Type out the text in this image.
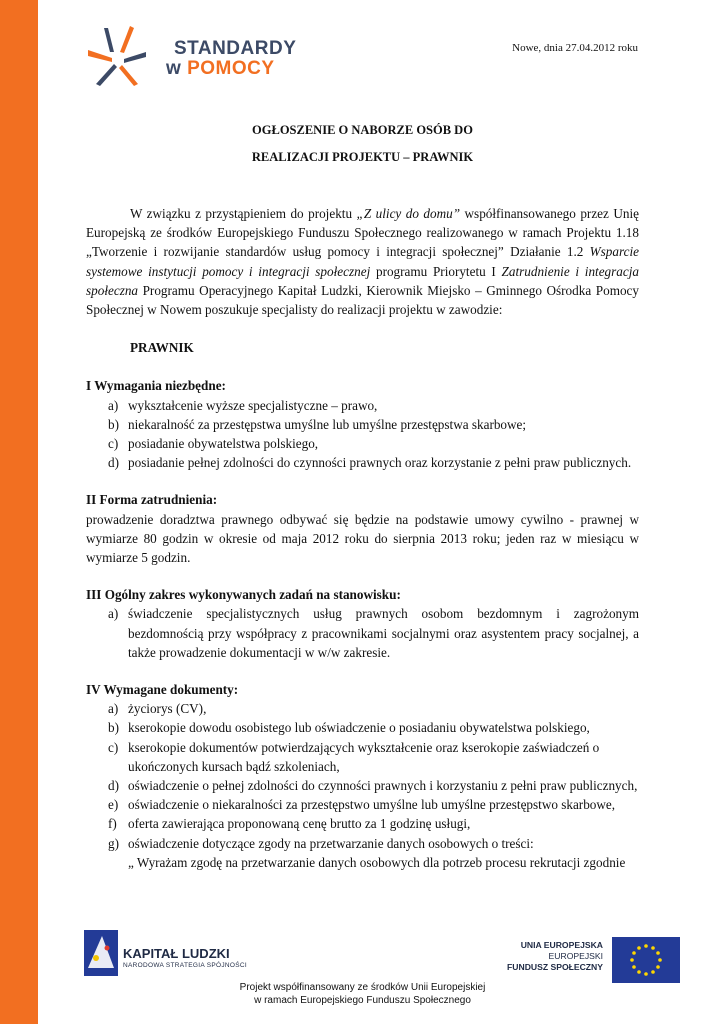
STANDARDY
w POMOCY
Nowe, dnia 27.04.2012 roku
OGŁOSZENIE O NABORZE OSÓB DO
REALIZACJI PROJEKTU – PRAWNIK
W związku z przystąpieniem do projektu „Z ulicy do domu” współfinansowanego przez Unię Europejską ze środków Europejskiego Funduszu Społecznego realizowanego w ramach Projektu 1.18 „Tworzenie i rozwijanie standardów usług pomocy i integracji społecznej” Działanie 1.2 Wsparcie systemowe instytucji pomocy i integracji społecznej programu Priorytetu I Zatrudnienie i integracja społeczna Programu Operacyjnego Kapitał Ludzki, Kierownik Miejsko – Gminnego Ośrodka Pomocy Społecznej w Nowem poszukuje specjalisty do realizacji projektu w zawodzie:
PRAWNIK
I Wymagania niezbędne:
a) wykształcenie wyższe specjalistyczne – prawo,
b) niekaralność za przestępstwa umyślne lub umyślne przestępstwa skarbowe;
c) posiadanie obywatelstwa polskiego,
d) posiadanie pełnej zdolności do czynności prawnych oraz korzystanie z pełni praw publicznych.
II Forma zatrudnienia:
prowadzenie doradztwa prawnego odbywać się będzie na podstawie umowy cywilno - prawnej w wymiarze 80 godzin w okresie od maja 2012 roku do sierpnia 2013 roku; jeden raz w miesiącu w wymiarze 5 godzin.
III Ogólny zakres wykonywanych zadań na stanowisku:
a) świadczenie specjalistycznych usług prawnych osobom bezdomnym i zagrożonym bezdomnością przy współpracy z pracownikami socjalnymi oraz asystentem pracy socjalnej, a także prowadzenie dokumentacji w w/w zakresie.
IV Wymagane dokumenty:
a) życiorys (CV),
b) kserokopie dowodu osobistego lub oświadczenie o posiadaniu obywatelstwa polskiego,
c) kserokopie dokumentów potwierdzających wykształcenie oraz kserokopie zaświadczeń o ukończonych kursach bądź szkoleniach,
d) oświadczenie o pełnej zdolności do czynności prawnych i korzystaniu z pełni praw publicznych,
e) oświadczenie o niekaralności za przestępstwo umyślne lub umyślne przestępstwo skarbowe,
f) oferta zawierająca proponowaną cenę brutto za 1 godzinę usługi,
g) oświadczenie dotyczące zgody na przetwarzanie danych osobowych o treści:
„ Wyrażam zgodę na przetwarzanie danych osobowych dla potrzeb procesu rekrutacji zgodnie
KAPITAŁ LUDZKI
NARODOWA STRATEGIA SPÓJNOŚCI
UNIA EUROPEJSKA
EUROPEJSKI
FUNDUSZ SPOŁECZNY
Projekt współfinansowany ze środków Unii Europejskiej
w ramach Europejskiego Funduszu Społecznego
